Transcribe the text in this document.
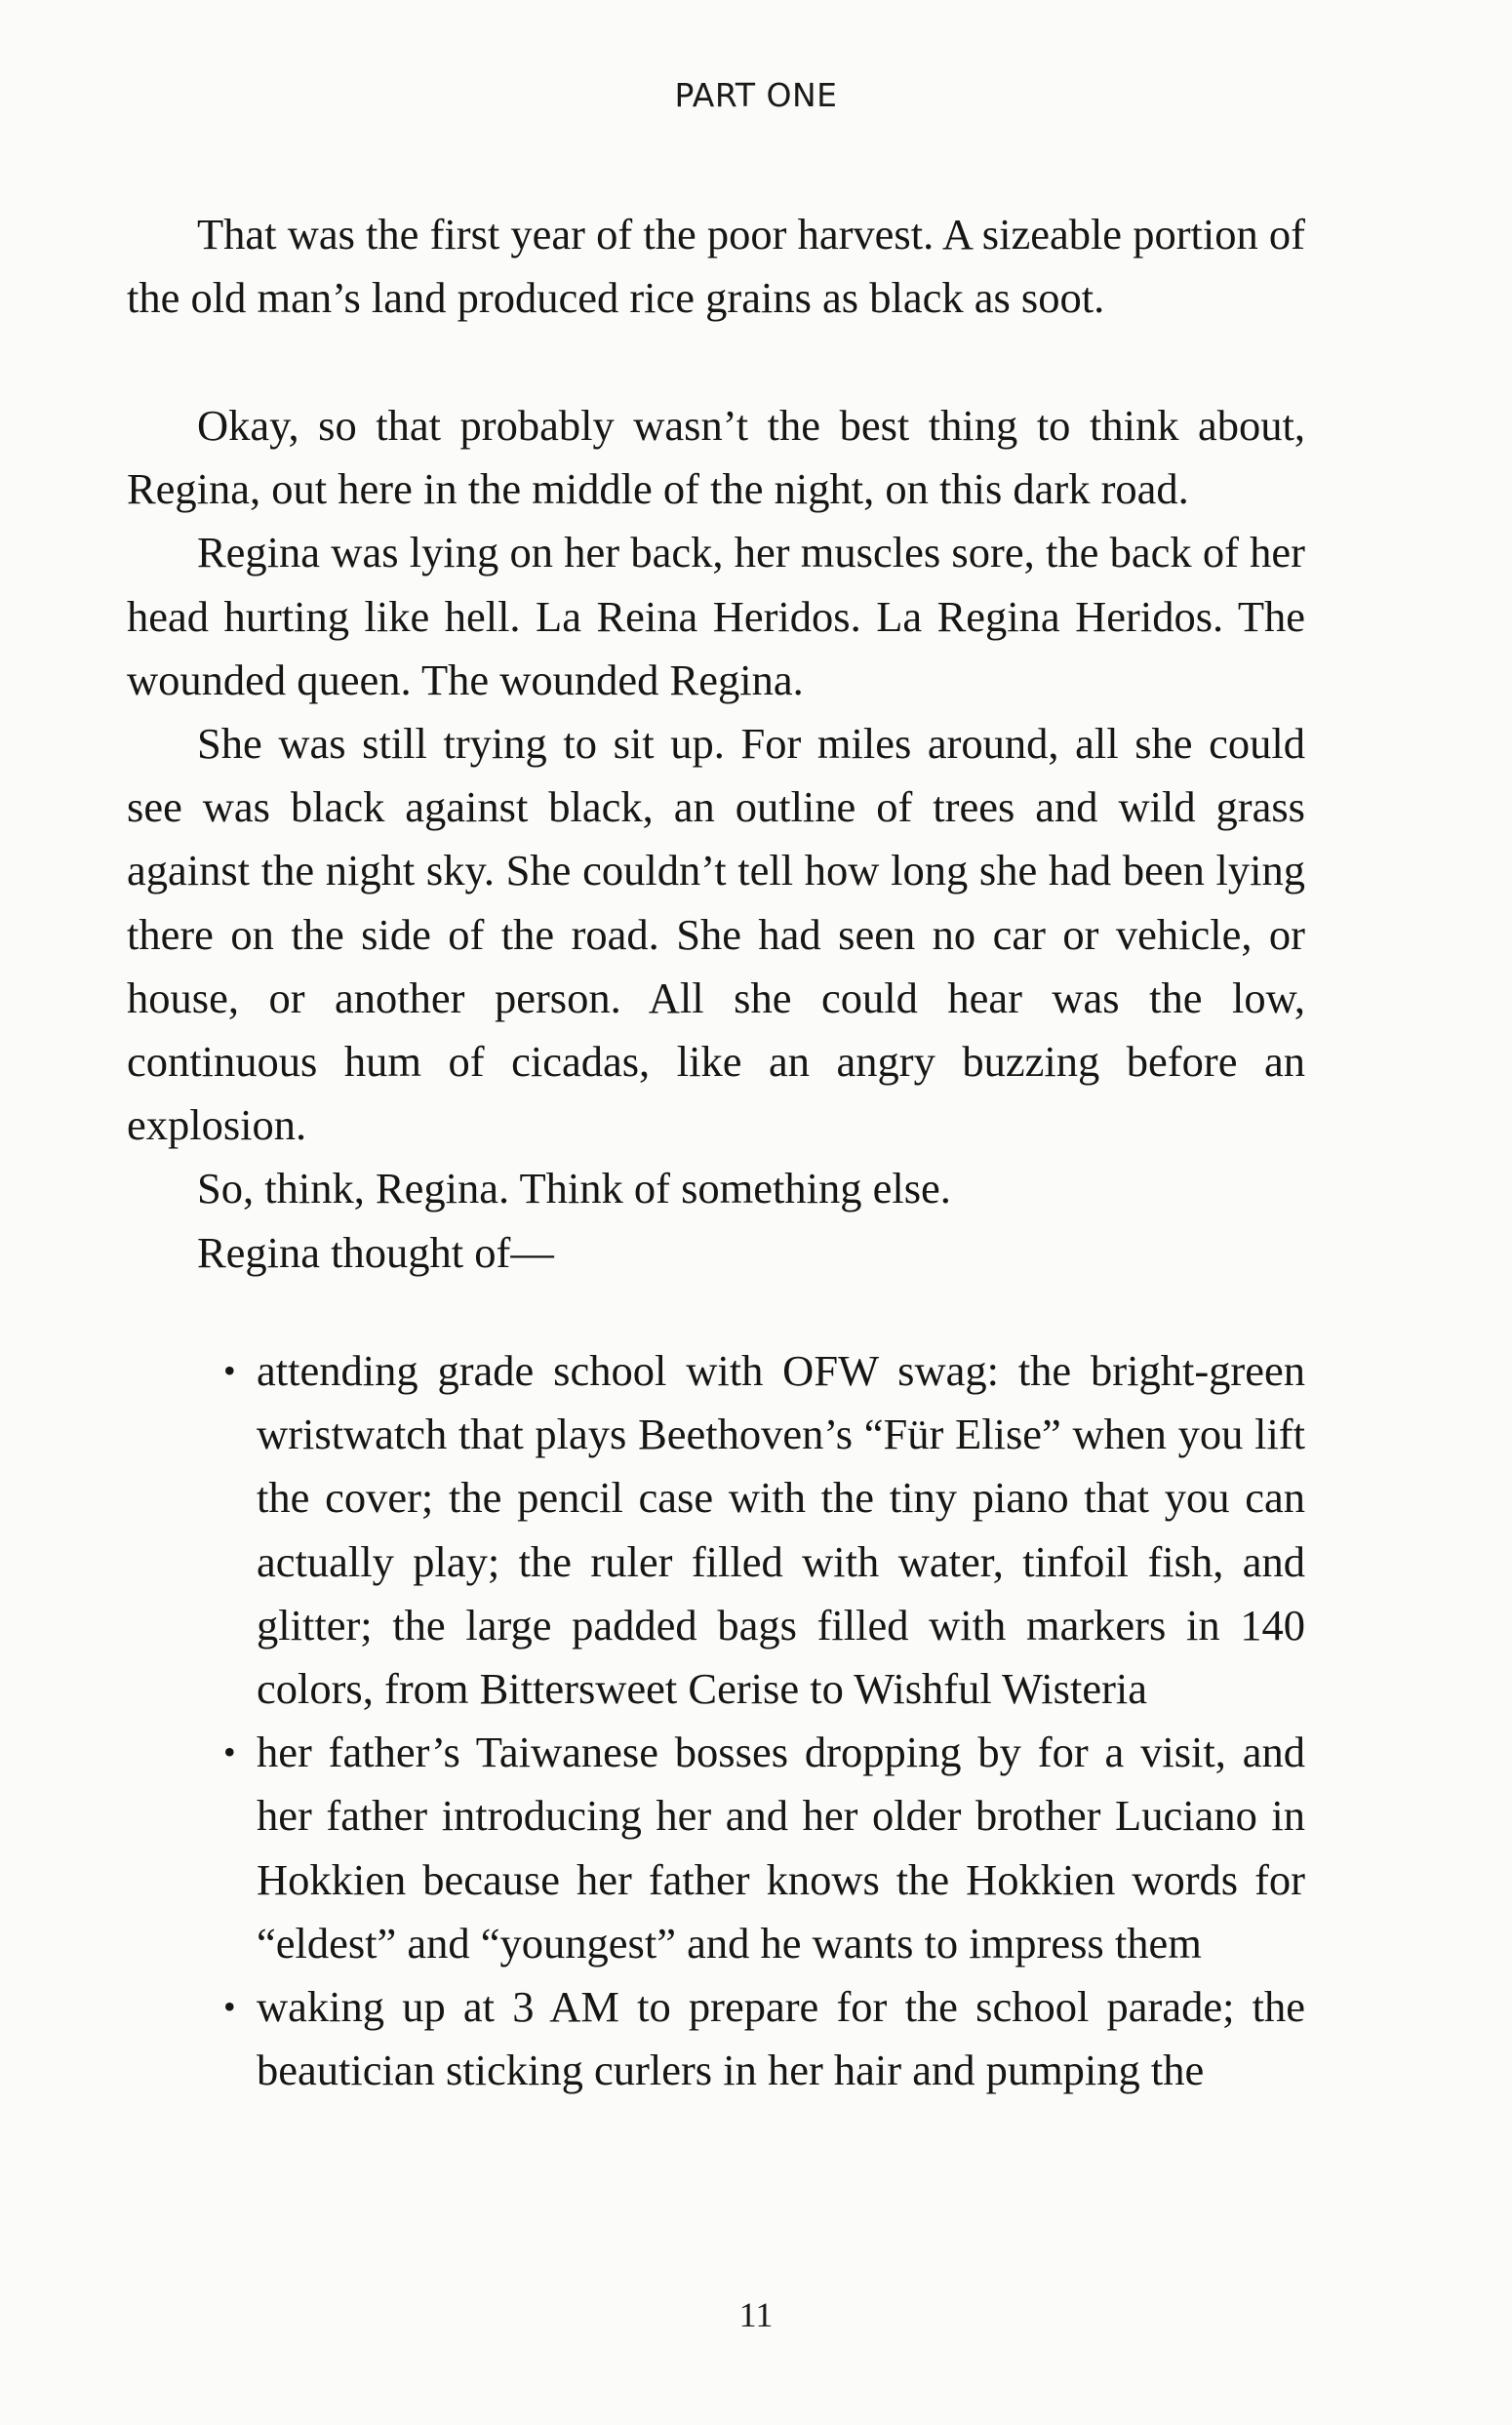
PART ONE

That was the first year of the poor harvest. A sizeable portion of the old man’s land produced rice grains as black as soot.

Okay, so that probably wasn’t the best thing to think about, Regina, out here in the middle of the night, on this dark road.

Regina was lying on her back, her muscles sore, the back of her head hurting like hell. La Reina Heridos. La Regina Heridos. The wounded queen. The wounded Regina.

She was still trying to sit up. For miles around, all she could see was black against black, an outline of trees and wild grass against the night sky. She couldn’t tell how long she had been lying there on the side of the road. She had seen no car or vehicle, or house, or another person. All she could hear was the low, continuous hum of cicadas, like an angry buzzing before an explosion.

So, think, Regina. Think of something else.

Regina thought of—

• attending grade school with OFW swag: the bright-green wristwatch that plays Beethoven’s “Für Elise” when you lift the cover; the pencil case with the tiny piano that you can actually play; the ruler filled with water, tinfoil fish, and glitter; the large padded bags filled with markers in 140 colors, from Bittersweet Cerise to Wishful Wisteria
• her father’s Taiwanese bosses dropping by for a visit, and her father introducing her and her older brother Luciano in Hokkien because her father knows the Hokkien words for “eldest” and “youngest” and he wants to impress them
• waking up at 3 AM to prepare for the school parade; the beautician sticking curlers in her hair and pumping the
11
